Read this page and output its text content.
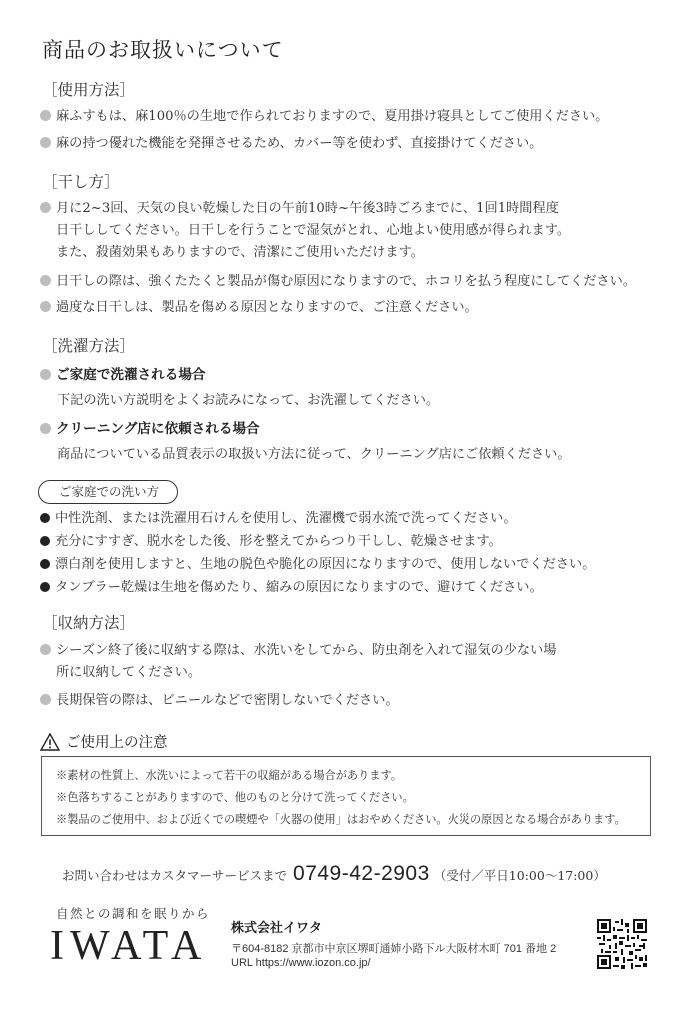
商品のお取扱いについて
［使用方法］
麻ふすもは、麻100％の生地で作られておりますので、夏用掛け寝具としてご使用ください。
麻の持つ優れた機能を発揮させるため、カバー等を使わず、直接掛けてください。
［干し方］
月に2~3回、天気の良い乾燥した日の午前10時~午後3時ごろまでに、1回1時間程度
日干ししてください。日干しを行うことで湿気がとれ、心地よい使用感が得られます。
また、殺菌効果もありますので、清潔にご使用いただけます。
日干しの際は、強くたたくと製品が傷む原因になりますので、ホコリを払う程度にしてください。
過度な日干しは、製品を傷める原因となりますので、ご注意ください。
［洗濯方法］
ご家庭で洗濯される場合
下記の洗い方説明をよくお読みになって、お洗濯してください。
クリーニング店に依頼される場合
商品についている品質表示の取扱い方法に従って、クリーニング店にご依頼ください。
ご家庭での洗い方
中性洗剤、または洗濯用石けんを使用し、洗濯機で弱水流で洗ってください。
充分にすすぎ、脱水をした後、形を整えてからつり干しし、乾燥させます。
漂白剤を使用しますと、生地の脱色や脆化の原因になりますので、使用しないでください。
タンブラー乾燥は生地を傷めたり、縮みの原因になりますので、避けてください。
［収納方法］
シーズン終了後に収納する際は、水洗いをしてから、防虫剤を入れて湿気の少ない場
所に収納してください。
長期保管の際は、ビニールなどで密閉しないでください。
ご使用上の注意
※素材の性質上、水洗いによって若干の収縮がある場合があります。
※色落ちすることがありますので、他のものと分けて洗ってください。
※製品のご使用中、および近くでの喫煙や「火器の使用」はおやめください。火災の原因となる場合があります。
お問い合わせはカスタマーサービスまで 0749-42-2903 （受付／平日10:00〜17:00）
自然との調和を眠りから
IWATA 株式会社イワタ
〒604-8182 京都市中京区堺町通姉小路下ル大阪材木町 701 番地 2
URL https://www.iozon.co.jp/
